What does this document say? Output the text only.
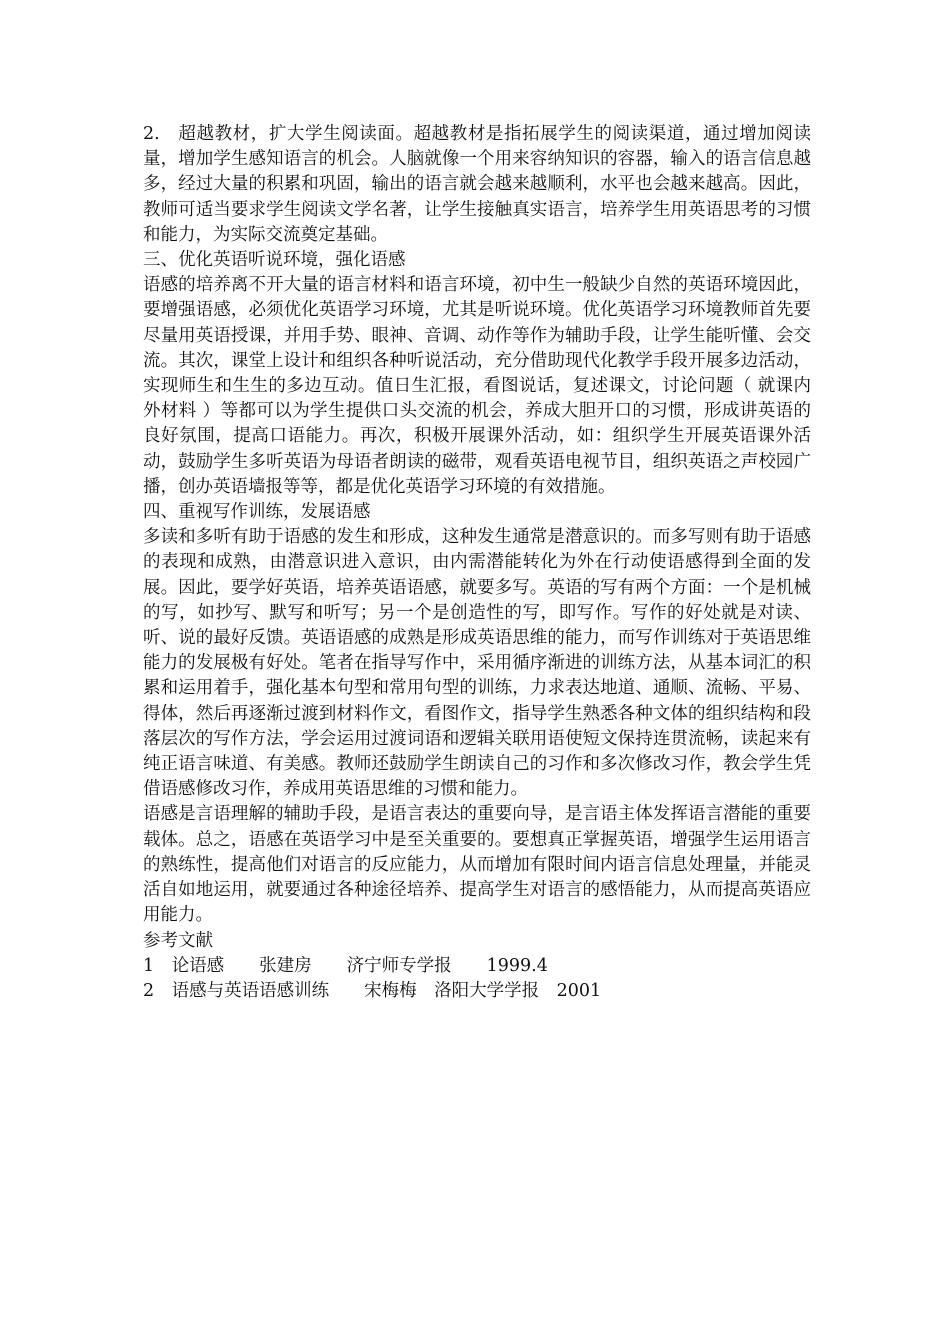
2.　超越教材，扩大学生阅读面。超越教材是指拓展学生的阅读渠道，通过增加阅读量，增加学生感知语言的机会。人脑就像一个用来容纳知识的容器，输入的语言信息越多，经过大量的积累和巩固，输出的语言就会越来越顺利，水平也会越来越高。因此，教师可适当要求学生阅读文学名著，让学生接触真实语言，培养学生用英语思考的习惯和能力，为实际交流奠定基础。

三、优化英语听说环境，强化语感

语感的培养离不开大量的语言材料和语言环境，初中生一般缺少自然的英语环境因此，要增强语感，必须优化英语学习环境，尤其是听说环境。优化英语学习环境教师首先要尽量用英语授课，并用手势、眼神、音调、动作等作为辅助手段，让学生能听懂、会交流。其次，课堂上设计和组织各种听说活动，充分借助现代化教学手段开展多边活动，实现师生和生生的多边互动。值日生汇报，看图说话，复述课文，讨论问题（ 就课内外材料 ）等都可以为学生提供口头交流的机会，养成大胆开口的习惯，形成讲英语的良好氛围，提高口语能力。再次，积极开展课外活动，如：组织学生开展英语课外活动，鼓励学生多听英语为母语者朗读的磁带，观看英语电视节目，组织英语之声校园广播，创办英语墙报等等，都是优化英语学习环境的有效措施。

四、重视写作训练，发展语感

多读和多听有助于语感的发生和形成，这种发生通常是潜意识的。而多写则有助于语感的表现和成熟，由潜意识进入意识，由内需潜能转化为外在行动使语感得到全面的发展。因此，要学好英语，培养英语语感，就要多写。英语的写有两个方面：一个是机械的写，如抄写、默写和听写；另一个是创造性的写，即写作。写作的好处就是对读、听、说的最好反馈。英语语感的成熟是形成英语思维的能力，而写作训练对于英语思维能力的发展极有好处。笔者在指导写作中，采用循序渐进的训练方法，从基本词汇的积累和运用着手，强化基本句型和常用句型的训练，力求表达地道、通顺、流畅、平易、得体，然后再逐渐过渡到材料作文，看图作文，指导学生熟悉各种文体的组织结构和段落层次的写作方法，学会运用过渡词语和逻辑关联用语使短文保持连贯流畅，读起来有纯正语言味道、有美感。教师还鼓励学生朗读自己的习作和多次修改习作，教会学生凭借语感修改习作，养成用英语思维的习惯和能力。

语感是言语理解的辅助手段，是语言表达的重要向导，是言语主体发挥语言潜能的重要载体。总之，语感在英语学习中是至关重要的。要想真正掌握英语，增强学生运用语言的熟练性，提高他们对语言的反应能力，从而增加有限时间内语言信息处理量，并能灵活自如地运用，就要通过各种途径培养、提高学生对语言的感悟能力，从而提高英语应用能力。

参考文献

1　论语感　　张建房　　济宁师专学报　　1999.4

2　语感与英语语感训练　　宋梅梅　洛阳大学学报　2001
